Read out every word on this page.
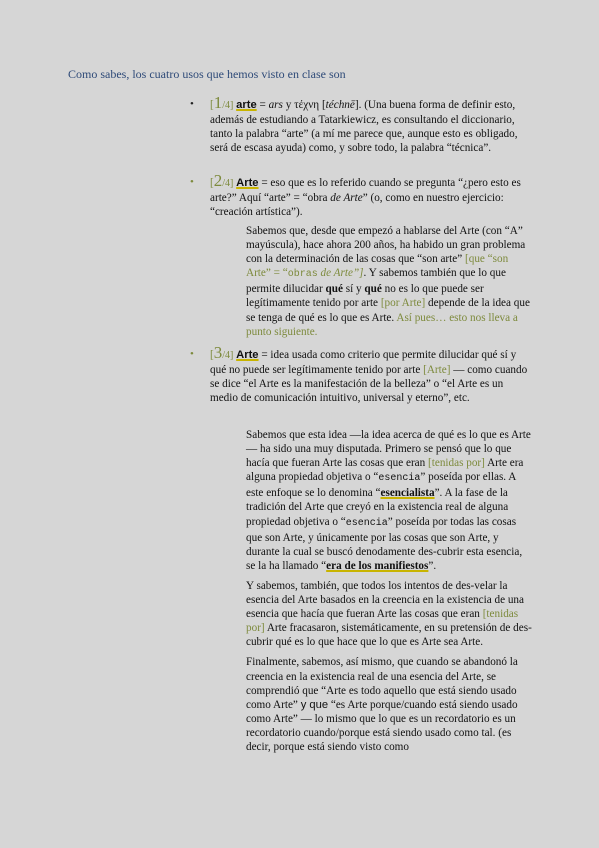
Como sabes, los cuatro usos que hemos visto en clase son
• [1/4] arte = ars y τέχνη [téchnē]. (Una buena forma de definir esto, además de estudiando a Tatarkiewicz, es consultando el diccionario, tanto la palabra “arte” (a mí me parece que, aunque esto es obligado, será de escasa ayuda) como, y sobre todo, la palabra “técnica”.
• [2/4] Arte = eso que es lo referido cuando se pregunta “¿pero esto es arte?” Aquí “arte” = “obra de Arte” (o, como en nuestro ejercicio: “creación artística”).

Sabemos que, desde que empezó a hablarse del Arte (con “A” mayúscula), hace ahora 200 años, ha habido un gran problema con la determinación de las cosas que “son arte” [que “son Arte” = “obras de Arte”]. Y sabemos también que lo que permite dilucidar qué sí y qué no es lo que puede ser legítimamente tenido por arte [por Arte] depende de la idea que se tenga de qué es lo que es Arte. Así pues… esto nos lleva a punto siguiente.

• [3/4] Arte = idea usada como criterio que permite dilucidar qué sí y qué no puede ser legítimamente tenido por arte [Arte] — como cuando se dice “el Arte es la manifestación de la belleza” o “el Arte es un medio de comunicación intuitivo, universal y eterno”, etc.

Sabemos que esta idea —la idea acerca de qué es lo que es Arte— ha sido una muy disputada. Primero se pensó que lo que hacía que fueran Arte las cosas que eran [tenidas por] Arte era alguna propiedad objetiva o “esencia” poseída por ellas. A este enfoque se lo denomina “esencialista”. A la fase de la tradición del Arte que creyó en la existencia real de alguna propiedad objetiva o “esencia” poseída por todas las cosas que son Arte, y únicamente por las cosas que son Arte, y durante la cual se buscó denodamente des-cubrir esta esencia, se la ha llamado “era de los manifiestos”.

Y sabemos, también, que todos los intentos de des-velar la esencia del Arte basados en la creencia en la existencia de una esencia que hacía que fueran Arte las cosas que eran [tenidas por] Arte fracasaron, sistemáticamente, en su pretensión de des-cubrir qué es lo que hace que lo que es Arte sea Arte.

Finalmente, sabemos, así mismo, que cuando se abandonó la creencia en la existencia real de una esencia del Arte, se comprendió que “Arte es todo aquello que está siendo usado como Arte” y que “es Arte porque/cuando está siendo usado como Arte” — lo mismo que lo que es un recordatorio es un recordatorio cuando/porque está siendo usado como tal. (es decir, porque está siendo visto como
